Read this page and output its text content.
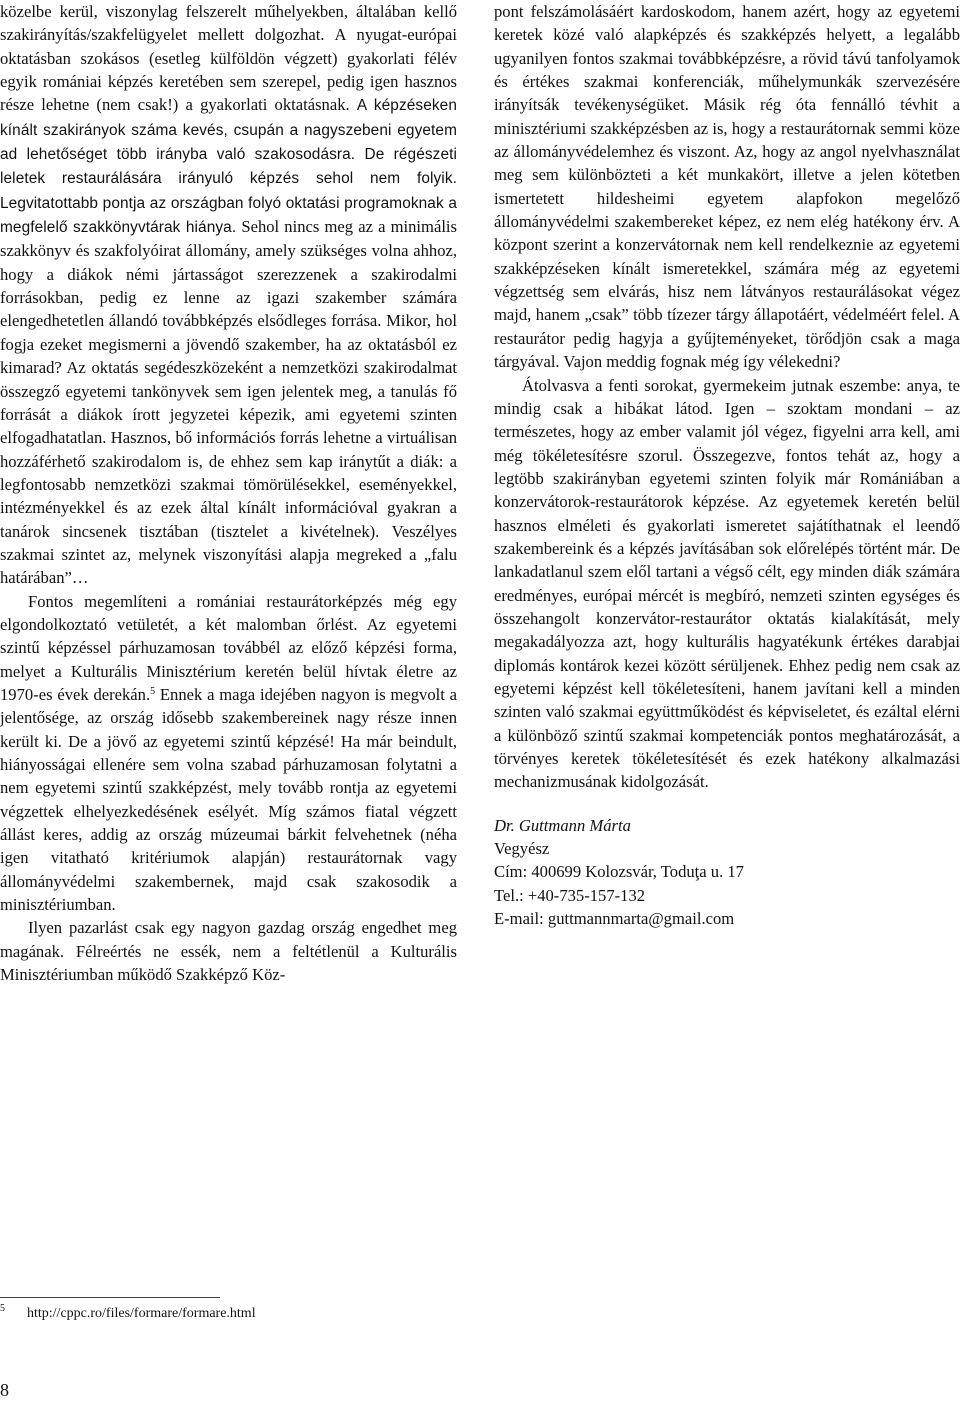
közelbe kerül, viszonylag felszerelt műhelyekben, általában kellő szakirányítás/szakfelügyelet mellett dolgozhat. A nyugat-európai oktatásban szokásos (esetleg külföldön végzett) gyakorlati félév egyik romániai képzés keretében sem szerepel, pedig igen hasznos része lehetne (nem csak!) a gyakorlati oktatásnak. A képzéseken kínált szakirányok száma kevés, csupán a nagyszebeni egyetem ad lehetőséget több irányba való szakosodásra. De régészeti leletek restaurálására irányuló képzés sehol nem folyik. Legvitatottabb pontja az országban folyó oktatási programoknak a megfelelő szakkönyvtárak hiánya. Sehol nincs meg az a minimális szakkönyv és szakfolyóirat állomány, amely szükséges volna ahhoz, hogy a diákok némi jártasságot szerezzenek a szakirodalmi forrásokban, pedig ez lenne az igazi szakember számára elengedhetetlen állandó továbbképzés elsődleges forrása. Mikor, hol fogja ezeket megismerni a jövendő szakember, ha az oktatásból ez kimarad? Az oktatás segédeszközeként a nemzetközi szakirodalmat összegző egyetemi tankönyvek sem igen jelentek meg, a tanulás fő forrását a diákok írott jegyzetei képezik, ami egyetemi szinten elfogadhatatlan. Hasznos, bő információs forrás lehetne a virtuálisan hozzáférhető szakirodalom is, de ehhez sem kap iránytűt a diák: a legfontosabb nemzetközi szakmai tömörülésekkel, eseményekkel, intézményekkel és az ezek által kínált információval gyakran a tanárok sincsenek tisztában (tisztelet a kivételnek). Veszélyes szakmai szintet az, melynek viszonyítási alapja megreked a „falu határában”…

Fontos megemlíteni a romániai restaurátorképzés még egy elgondolkoztató vetületét, a két malomban őrlést. Az egyetemi szintű képzéssel párhuzamosan továbbél az előző képzési forma, melyet a Kulturális Minisztérium keretén belül hívtak életre az 1970-es évek derekán.$^5$ Ennek a maga idejében nagyon is megvolt a jelentősége, az ország idősebb szakembereinek nagy része innen került ki. De a jövő az egyetemi szintű képzésé! Ha már beindult, hiányosságai ellenére sem volna szabad párhuzamosan folytatni a nem egyetemi szintű szakképzést, mely tovább rontja az egyetemi végzettek elhelyezkedésének esélyét. Míg számos fiatal végzett állást keres, addig az ország múzeumai bárkit felvehetnek (néha igen vitatható kritériumok alapján) restaurátornak vagy állományvédelmi szakembernek, majd csak szakosodik a minisztériumban.

Ilyen pazarlást csak egy nagyon gazdag ország engedhet meg magának. Félreértés ne essék, nem a feltétlenül a Kulturális Minisztériumban működő Szakképző Köz-

pont felszámolásáért kardoskodom, hanem azért, hogy az egyetemi keretek közé való alapképzés és szakképzés helyett, a legalább ugyanilyen fontos szakmai továbbképzésre, a rövid távú tanfolyamok és értékes szakmai konferenciák, műhelymunkák szervezésére irányítsák tevékenységüket. Másik rég óta fennálló tévhit a minisztériumi szakképzésben az is, hogy a restaurátornak semmi köze az állományvédelemhez és viszont. Az, hogy az angol nyelvhasználat meg sem különbözteti a két munkakört, illetve a jelen kötetben ismertetett hildesheimi egyetem alapfokon megelőző állományvédelmi szakembereket képez, ez nem elég hatékony érv. A központ szerint a konzervátornak nem kell rendelkeznie az egyetemi szakképzéseken kínált ismeretekkel, számára még az egyetemi végzettség sem elvárás, hisz nem látványos restaurálásokat végez majd, hanem „csak” több tízezer tárgy állapotáért, védelméért felel. A restaurátor pedig hagyja a gyűjteményeket, törődjön csak a maga tárgyával. Vajon meddig fognak még így vélekedni?

Átolvasva a fenti sorokat, gyermekeim jutnak eszembe: anya, te mindig csak a hibákat látod. Igen – szoktam mondani – az természetes, hogy az ember valamit jól végez, figyelni arra kell, ami még tökéletesítésre szorul. Összegezve, fontos tehát az, hogy a legtöbb szakirányban egyetemi szinten folyik már Romániában a konzervátorok-restaurátorok képzése. Az egyetemek keretén belül hasznos elméleti és gyakorlati ismeretet sajátíthatnak el leendő szakembereink és a képzés javításában sok előrelépés történt már. De lankadatlanul szem elől tartani a végső célt, egy minden diák számára eredményes, európai mércét is megbíró, nemzeti szinten egységes és összehangolt konzervátor-restaurátor oktatás kialakítását, mely megakadályozza azt, hogy kulturális hagyatékunk értékes darabjai diplomás kontárok kezei között sérüljenek. Ehhez pedig nem csak az egyetemi képzést kell tökéletesíteni, hanem javítani kell a minden szinten való szakmai együttműködést és képviseletet, és ezáltal elérni a különböző szintű szakmai kompetenciák pontos meghatározását, a törvényes keretek tökéletesítését és ezek hatékony alkalmazási mechanizmusának kidolgozását.

Dr. Guttmann Márta
Vegyész
Cím: 400699 Kolozsvár, Toduţa u. 17
Tel.: +40-735-157-132
E-mail: guttmannmarta@gmail.com
$^5$ http://cppc.ro/files/formare/formare.html
8
